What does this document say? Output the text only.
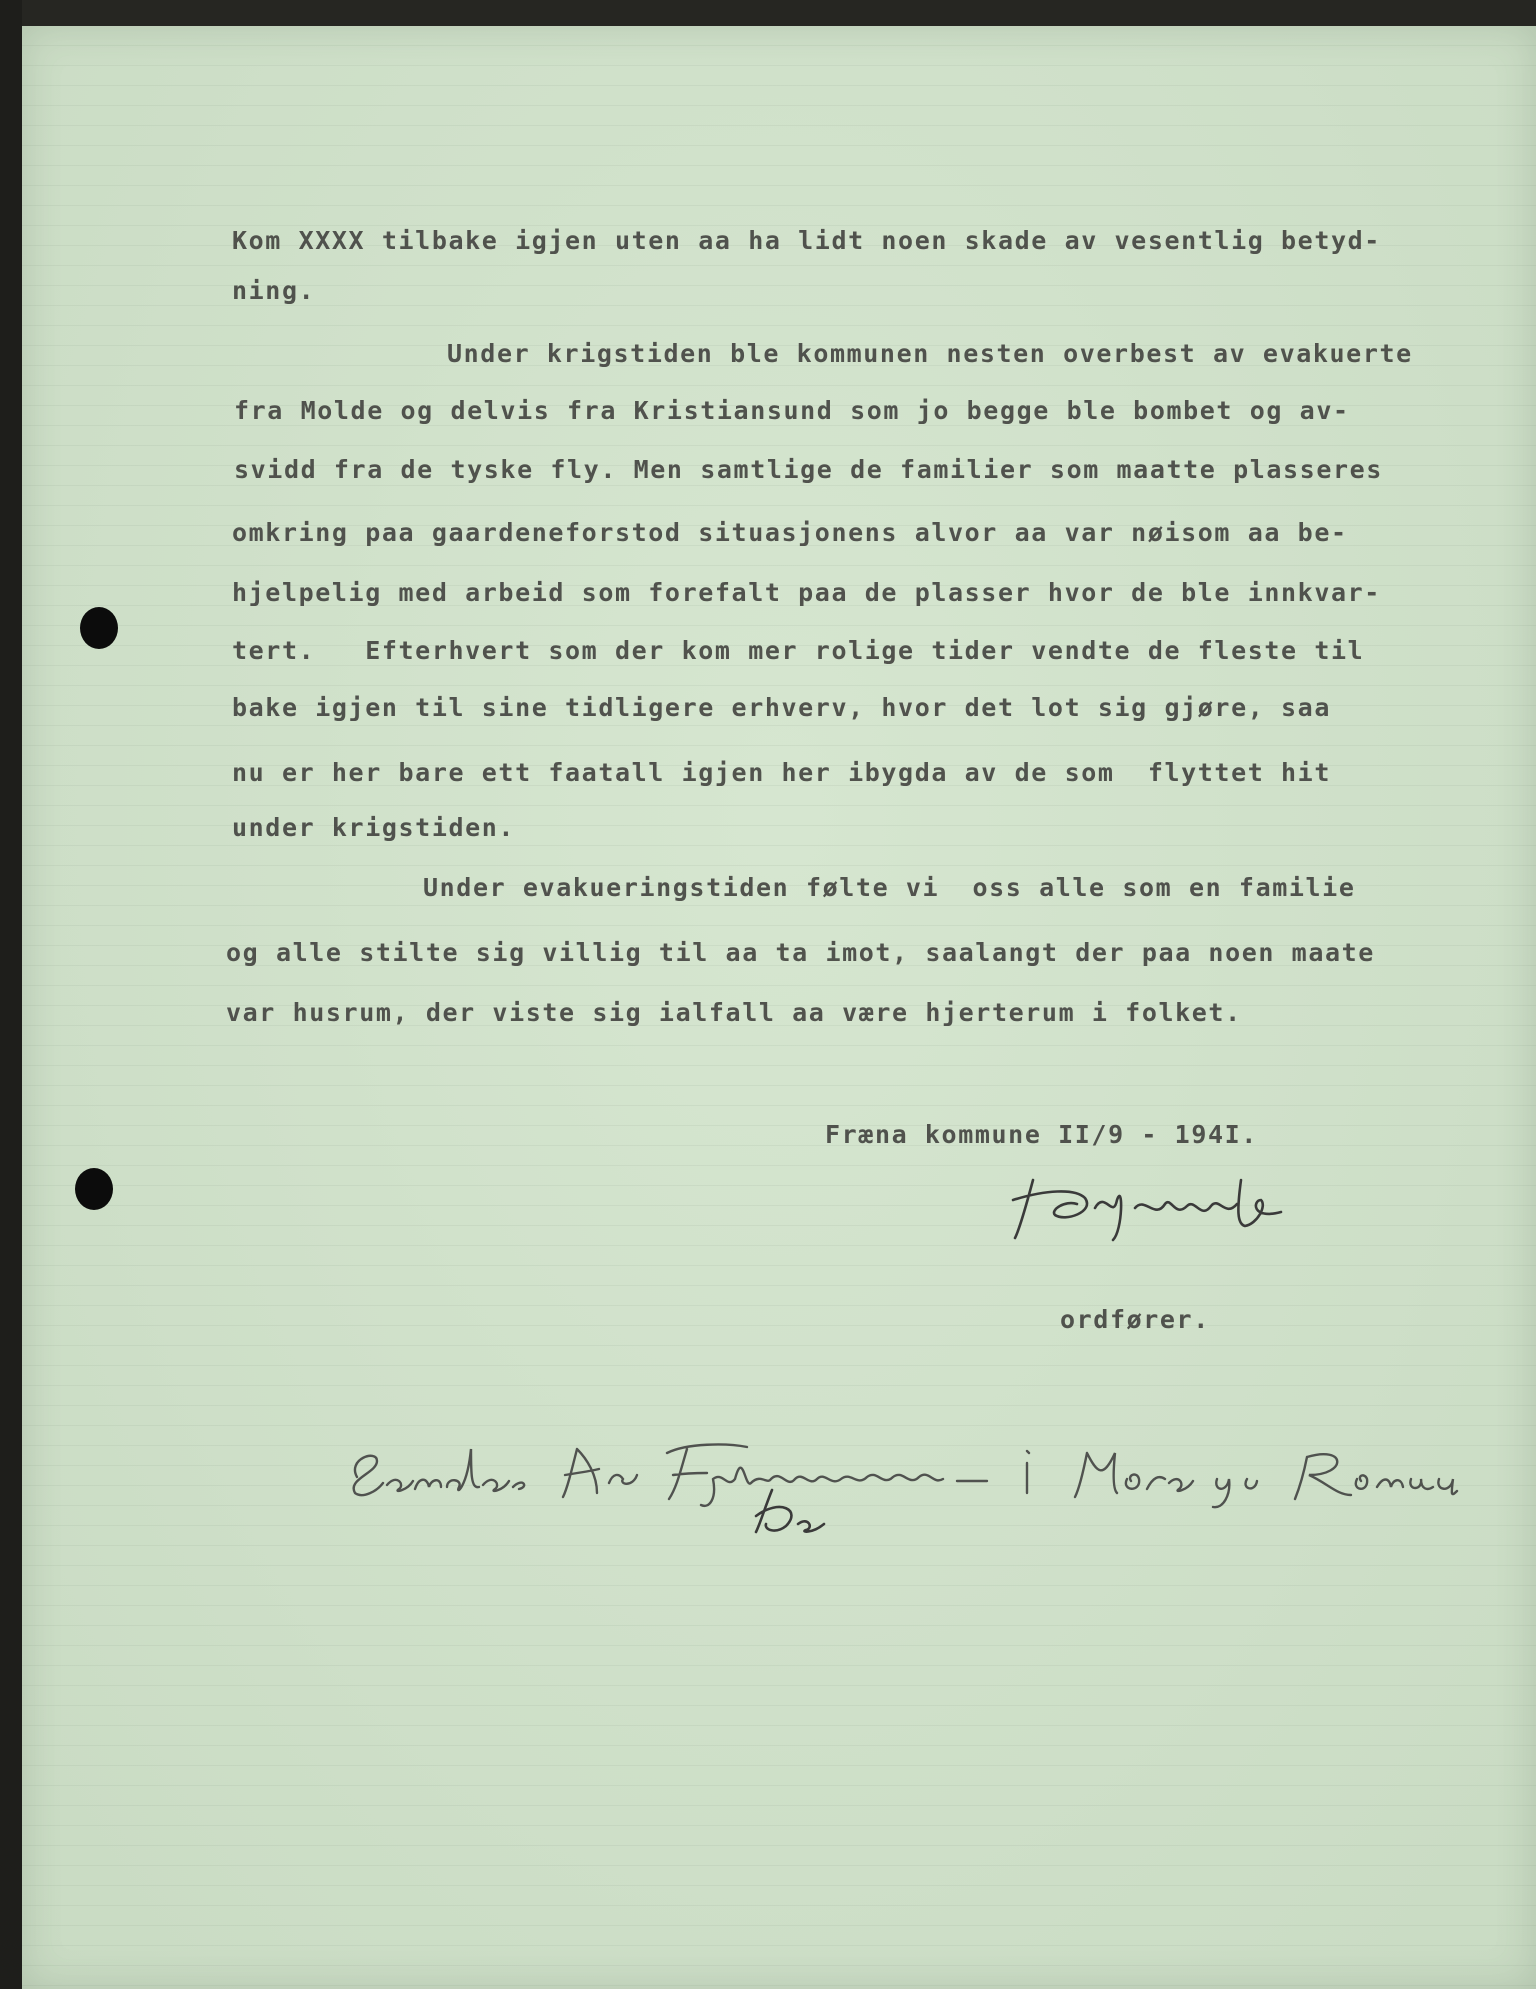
Kom XXXX tilbake igjen uten aa ha lidt noen skade av vesentlig betyd-
ning.
Under krigstiden ble kommunen nesten overbest av evakuerte
fra Molde og delvis fra Kristiansund som jo begge ble bombet og av-
svidd fra de tyske fly. Men samtlige de familier som maatte plasseres
omkring paa gaardeneforstod situasjonens alvor aa var nøisom aa be-
hjelpelig med arbeid som forefalt paa de plasser hvor de ble innkvar-
tert.   Efterhvert som der kom mer rolige tider vendte de fleste til
bake igjen til sine tidligere erhverv, hvor det lot sig gjøre, saa
nu er her bare ett faatall igjen her ibygda av de som  flyttet hit
under krigstiden.
Under evakueringstiden følte vi  oss alle som en familie
og alle stilte sig villig til aa ta imot, saalangt der paa noen maate
var husrum, der viste sig ialfall aa være hjerterum i folket.
Fræna kommune II/9 - 194I.
ordfører.
